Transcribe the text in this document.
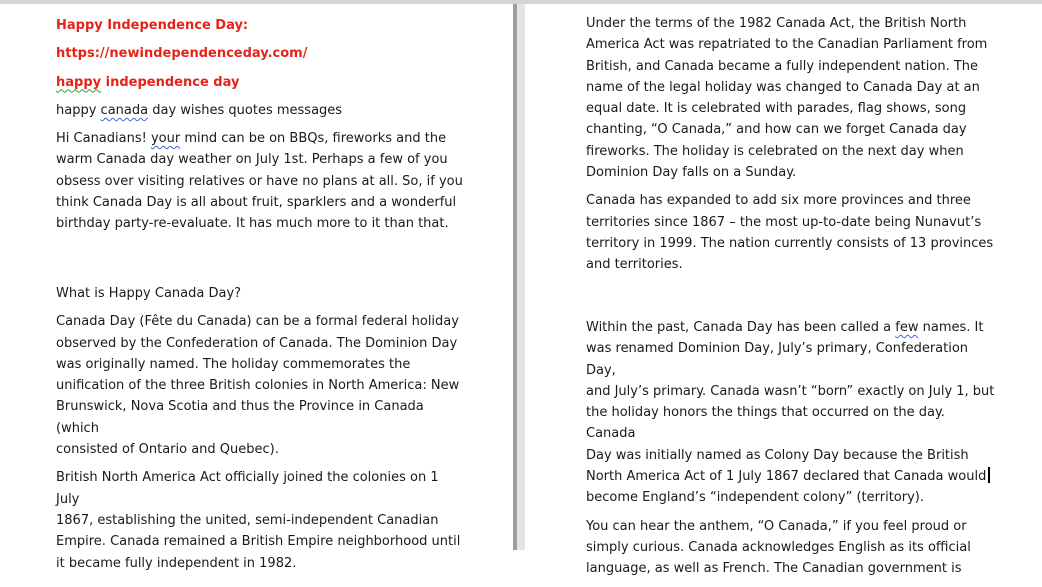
Happy Independence Day:
https://newindependenceday.com/
happy independence day
happy canada day wishes quotes messages
Hi Canadians! your mind can be on BBQs, fireworks and the
warm Canada day weather on July 1st. Perhaps a few of you
obsess over visiting relatives or have no plans at all. So, if you
think Canada Day is all about fruit, sparklers and a wonderful
birthday party-re-evaluate. It has much more to it than that.
What is Happy Canada Day?
Canada Day (Fête du Canada) can be a formal federal holiday
observed by the Confederation of Canada. The Dominion Day
was originally named. The holiday commemorates the
unification of the three British colonies in North America: New
Brunswick, Nova Scotia and thus the Province in Canada (which
consisted of Ontario and Quebec).
British North America Act officially joined the colonies on 1 July
1867, establishing the united, semi-independent Canadian
Empire. Canada remained a British Empire neighborhood until
it became fully independent in 1982.
Under the terms of the 1982 Canada Act, the British North
America Act was repatriated to the Canadian Parliament from
British, and Canada became a fully independent nation. The
name of the legal holiday was changed to Canada Day at an
equal date. It is celebrated with parades, flag shows, song
chanting, “O Canada,” and how can we forget Canada day
fireworks. The holiday is celebrated on the next day when
Dominion Day falls on a Sunday.
Canada has expanded to add six more provinces and three
territories since 1867 – the most up-to-date being Nunavut’s
territory in 1999. The nation currently consists of 13 provinces
and territories.
Within the past, Canada Day has been called a few names. It
was renamed Dominion Day, July’s primary, Confederation Day,
and July’s primary. Canada wasn’t “born” exactly on July 1, but
the holiday honors the things that occurred on the day. Canada
Day was initially named as Colony Day because the British
North America Act of 1 July 1867 declared that Canada would
become England’s “independent colony” (territory).
You can hear the anthem, “O Canada,” if you feel proud or
simply curious. Canada acknowledges English as its official
language, as well as French. The Canadian government is
